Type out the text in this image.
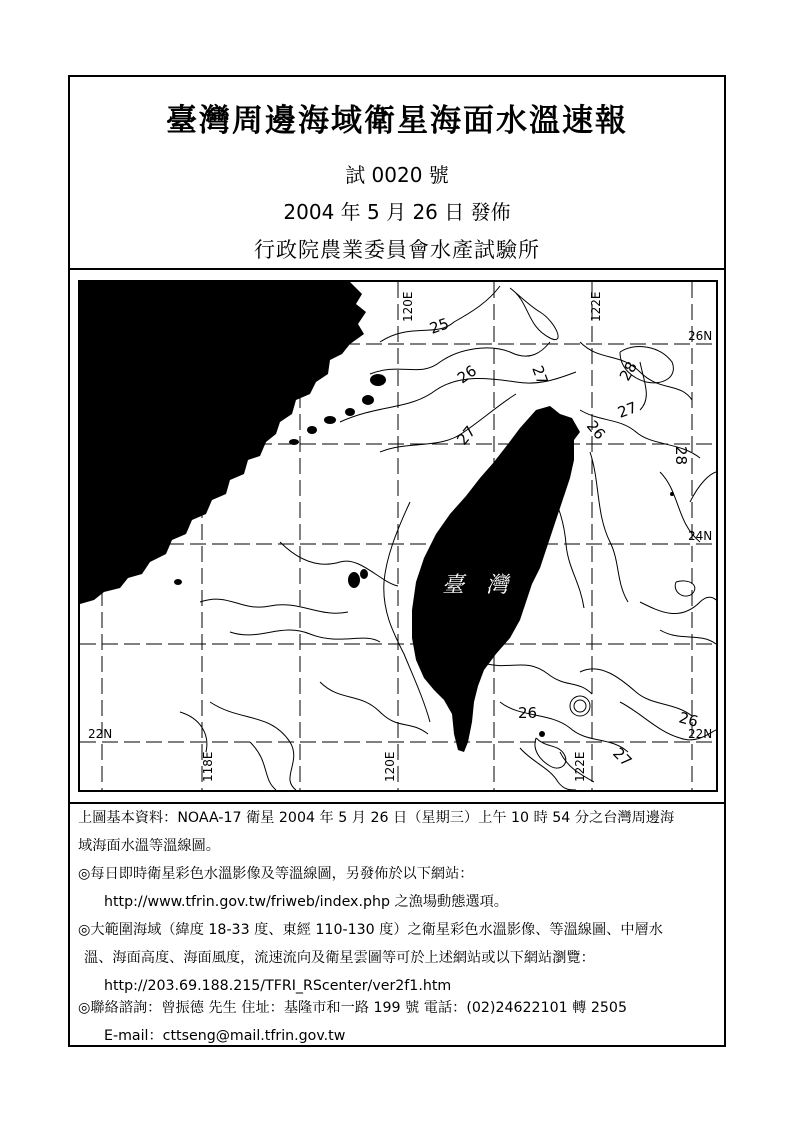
臺灣周邊海域衛星海面水溫速報
試 0020 號
2004 年 5 月 26 日 發佈
行政院農業委員會水產試驗所
25
26	27
27
28
27
26
28
26	26
27
120E	122E
118E	120E	122E
26N
24N
22N
22N
臺　灣
上圖基本資料：NOAA-17 衛星 2004 年 5 月 26 日（星期三）上午 10 時 54 分之台灣周邊海
域海面水溫等溫線圖。
◎每日即時衛星彩色水溫影像及等溫線圖，另發佈於以下網站：
http://www.tfrin.gov.tw/friweb/index.php 之漁場動態選項。
◎大範圍海域（緯度 18-33 度、東經 110-130 度）之衛星彩色水溫影像、等溫線圖、中層水
溫、海面高度、海面風度，流速流向及衛星雲圖等可於上述網站或以下網站瀏覽：
http://203.69.188.215/TFRI_RScenter/ver2f1.htm
◎聯絡諮詢：曾振德 先生 住址：基隆市和一路 199 號 電話：(02)24622101 轉 2505
E-mail：cttseng@mail.tfrin.gov.tw
